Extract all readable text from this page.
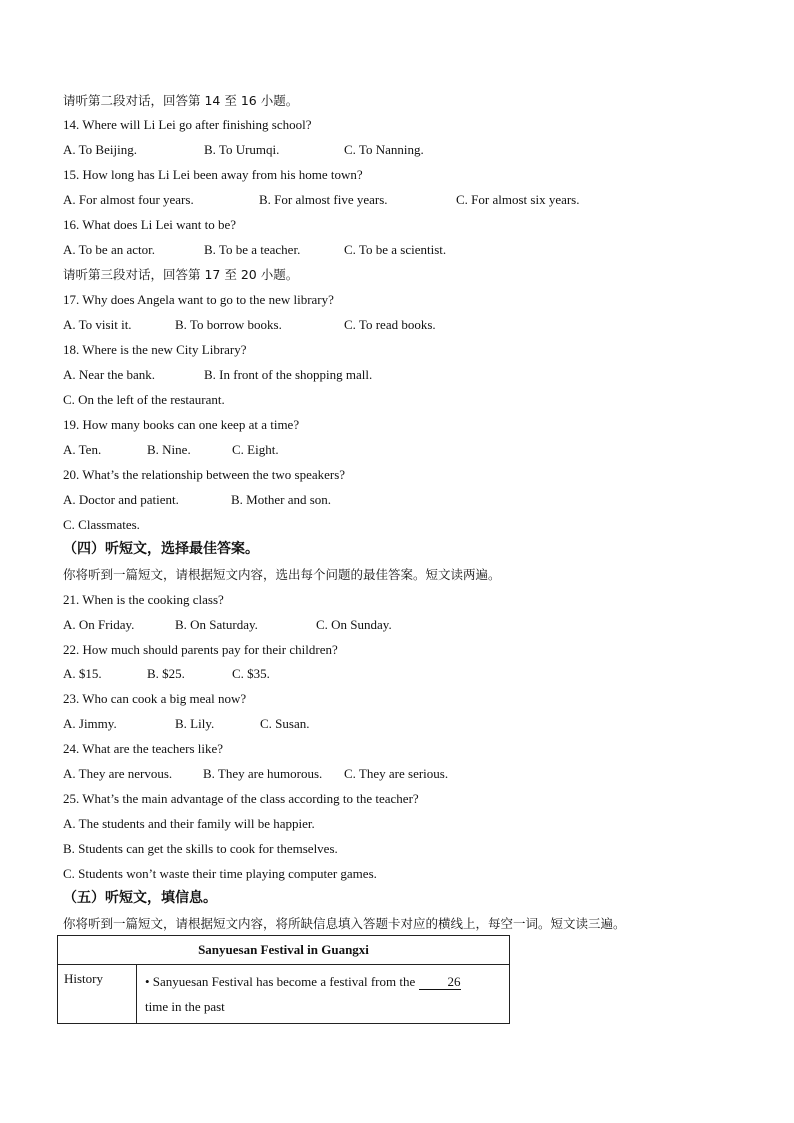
请听第二段对话，回答第 14 至 16 小题。
14. Where will Li Lei go after finishing school?
A. To Beijing.	B. To Urumqi.	C. To Nanning.
15. How long has Li Lei been away from his home town?
A. For almost four years.	B. For almost five years.	C. For almost six years.
16. What does Li Lei want to be?
A. To be an actor.	B. To be a teacher.	C. To be a scientist.
请听第三段对话，回答第 17 至 20 小题。
17. Why does Angela want to go to the new library?
A. To visit it.	B. To borrow books.	C. To read books.
18. Where is the new City Library?
A. Near the bank.	B. In front of the shopping mall.
C. On the left of the restaurant.
19. How many books can one keep at a time?
A. Ten.	B. Nine.	C. Eight.
20. What’s the relationship between the two speakers?
A. Doctor and patient.	B. Mother and son.
C. Classmates.
（四）听短文，选择最佳答案。
你将听到一篇短文，请根据短文内容，选出每个问题的最佳答案。短文读两遍。
21. When is the cooking class?
A. On Friday.	B. On Saturday.	C. On Sunday.
22. How much should parents pay for their children?
A. $15.	B. $25.	C. $35.
23. Who can cook a big meal now?
A. Jimmy.	B. Lily.	C. Susan.
24. What are the teachers like?
A. They are nervous. B. They are humorous. C. They are serious.
25. What’s the main advantage of the class according to the teacher?
A. The students and their family will be happier.
B. Students can get the skills to cook for themselves.
C. Students won’t waste their time playing computer games.
（五）听短文，填信息。
你将听到一篇短文，请根据短文内容，将所缺信息填入答题卡对应的横线上，每空一词。短文读三遍。
Sanyuesan Festival in Guangxi
History	• Sanyuesan Festival has become a festival from the 26
time in the past
